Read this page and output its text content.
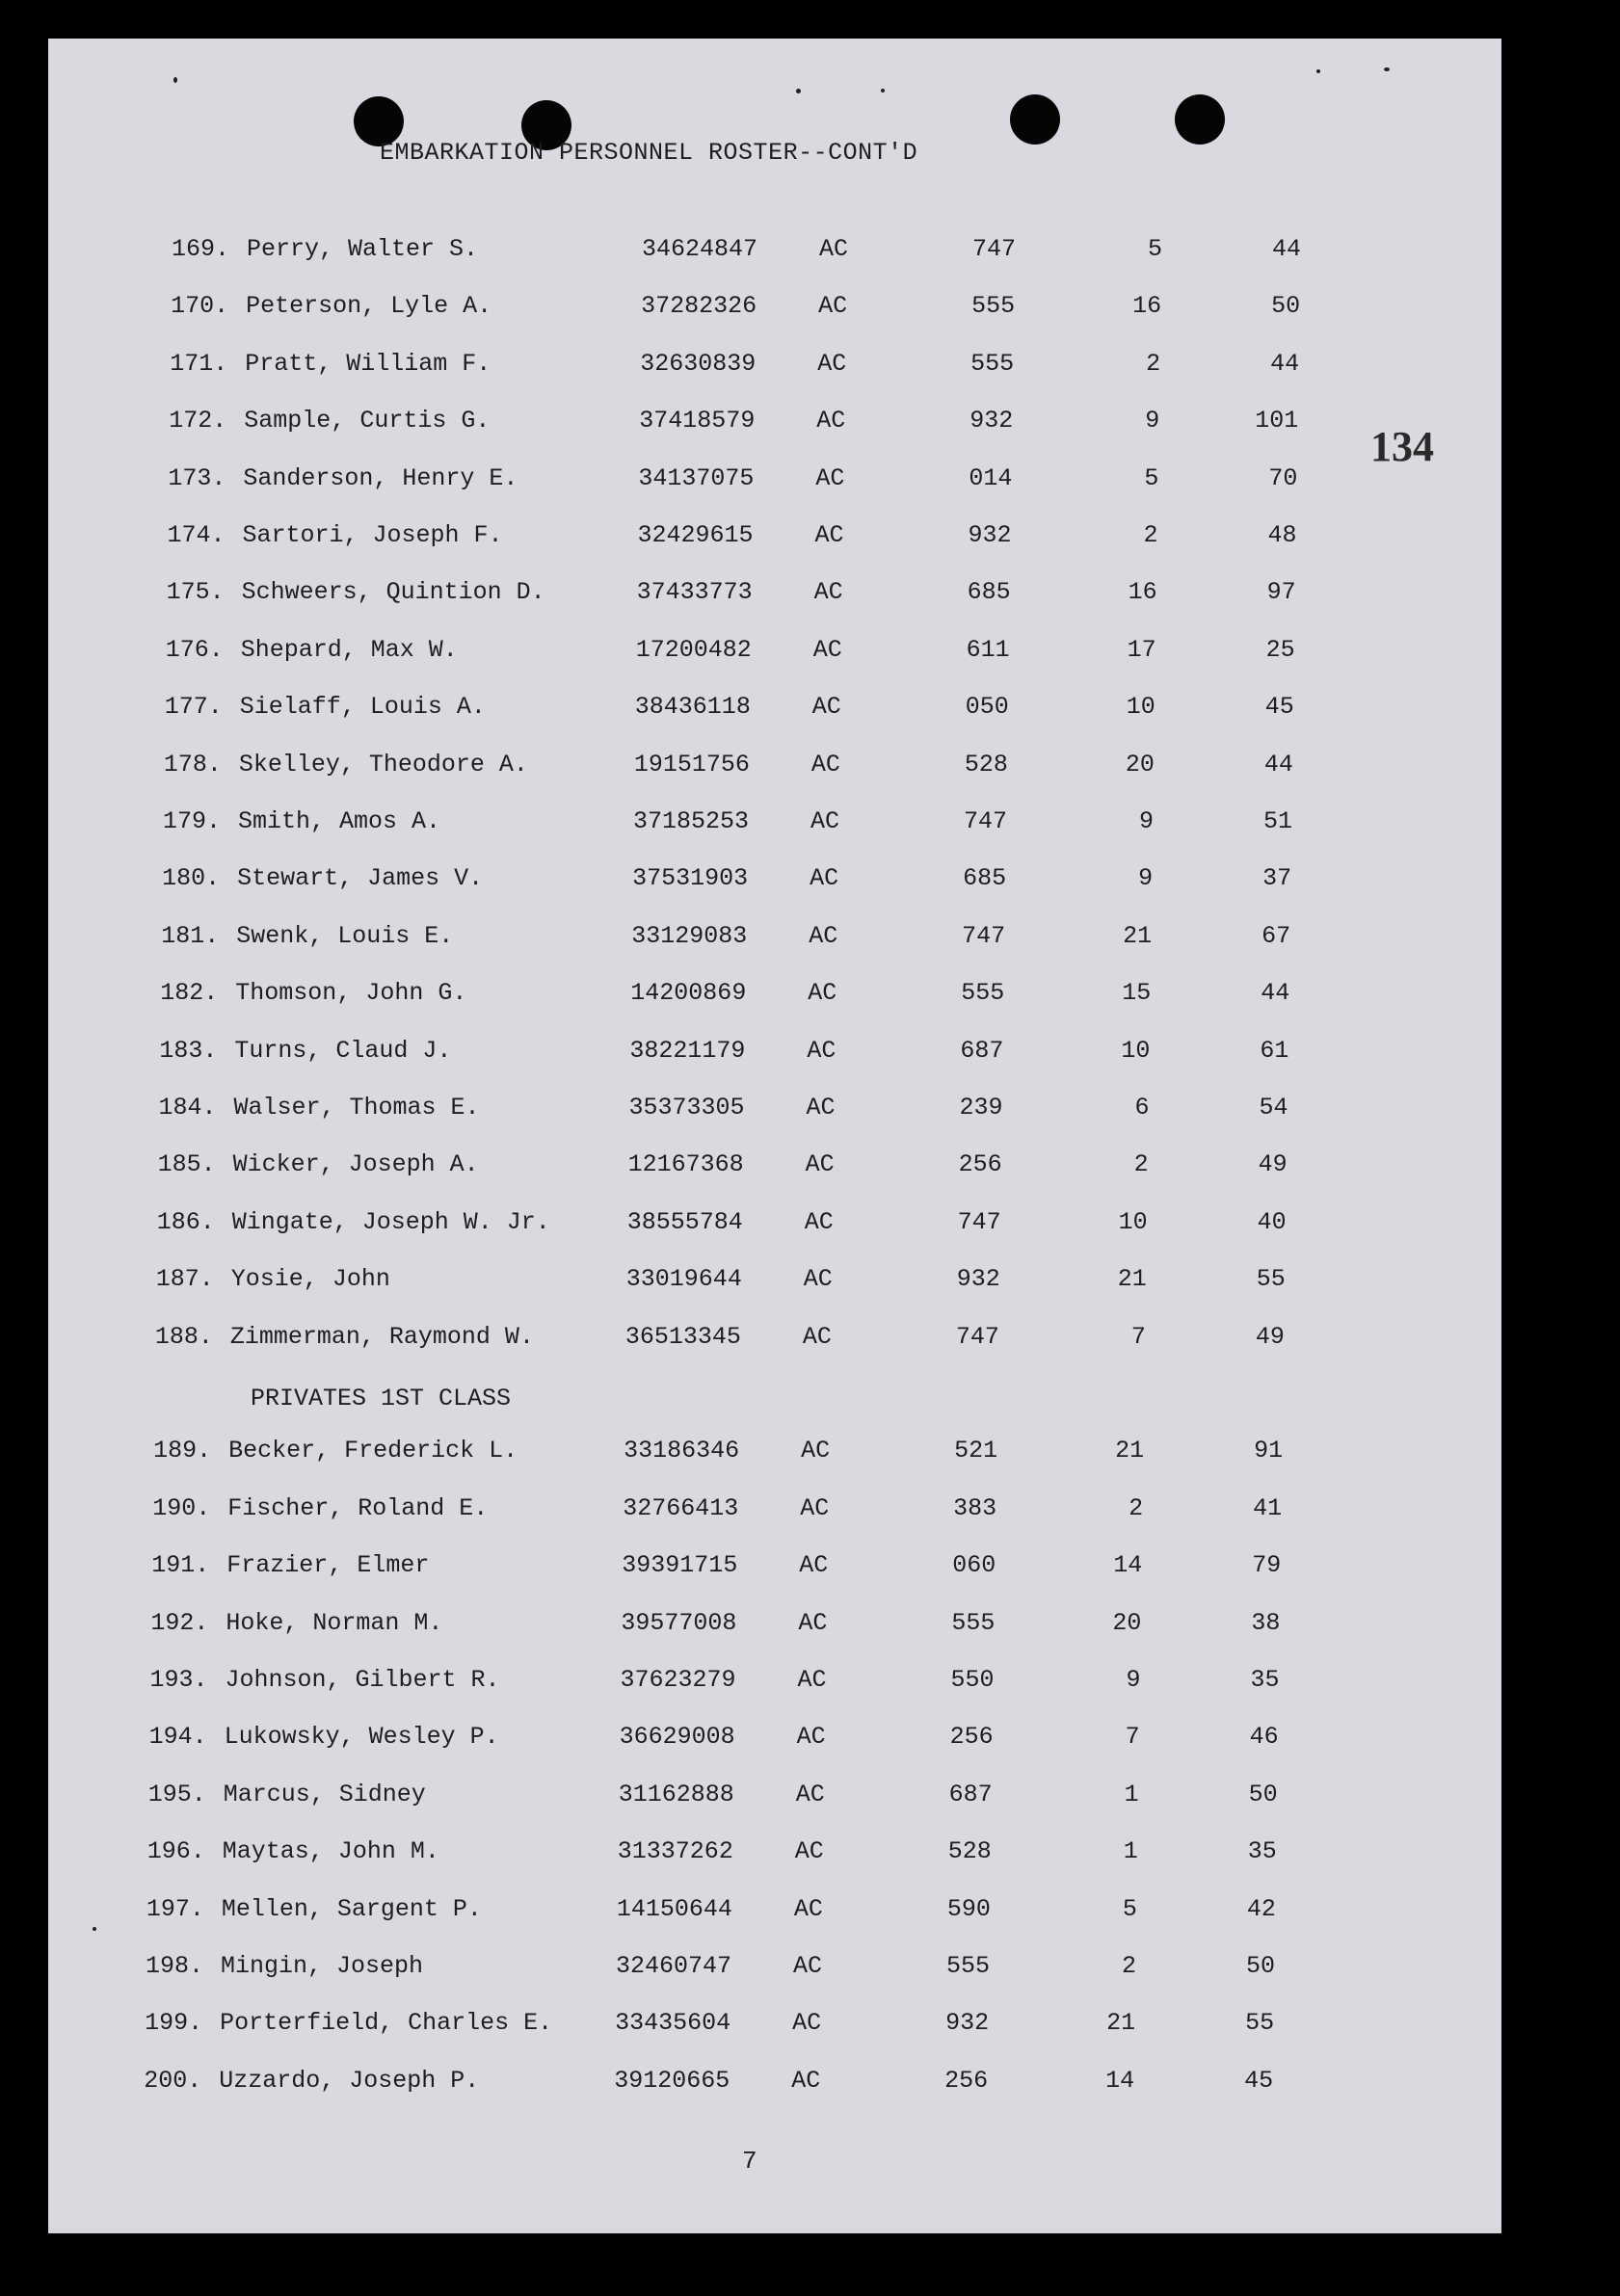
EMBARKATION PERSONNEL ROSTER--CONT'D
134
169. Perry, Walter S.	34624847	AC	747	5	44
170. Peterson, Lyle A.	37282326	AC	555	16	50
171. Pratt, William F.	32630839	AC	555	2	44
172. Sample, Curtis G.	37418579	AC	932	9	101
173. Sanderson, Henry E.	34137075	AC	014	5	70
174. Sartori, Joseph F.	32429615	AC	932	2	48
175. Schweers, Quintion D.	37433773	AC	685	16	97
176. Shepard, Max W.	17200482	AC	611	17	25
177. Sielaff, Louis A.	38436118	AC	050	10	45
178. Skelley, Theodore A.	19151756	AC	528	20	44
179. Smith, Amos A.	37185253	AC	747	9	51
180. Stewart, James V.	37531903	AC	685	9	37
181. Swenk, Louis E.	33129083	AC	747	21	67
182. Thomson, John G.	14200869	AC	555	15	44
183. Turns, Claud J.	38221179	AC	687	10	61
184. Walser, Thomas E.	35373305	AC	239	6	54
185. Wicker, Joseph A.	12167368	AC	256	2	49
186. Wingate, Joseph W. Jr.	38555784	AC	747	10	40
187. Yosie, John	33019644	AC	932	21	55
188. Zimmerman, Raymond W.	36513345	AC	747	7	49
189. Becker, Frederick L.	33186346	AC	521	21	91
190. Fischer, Roland E.	32766413	AC	383	2	41
191. Frazier, Elmer	39391715	AC	060	14	79
192. Hoke, Norman M.	39577008	AC	555	20	38
193. Johnson, Gilbert R.	37623279	AC	550	9	35
194. Lukowsky, Wesley P.	36629008	AC	256	7	46
195. Marcus, Sidney	31162888	AC	687	1	50
196. Maytas, John M.	31337262	AC	528	1	35
197. Mellen, Sargent P.	14150644	AC	590	5	42
198. Mingin, Joseph	32460747	AC	555	2	50
199. Porterfield, Charles E.	33435604	AC	932	21	55
200. Uzzardo, Joseph P.	39120665	AC	256	14	45
PRIVATES 1ST CLASS
7
